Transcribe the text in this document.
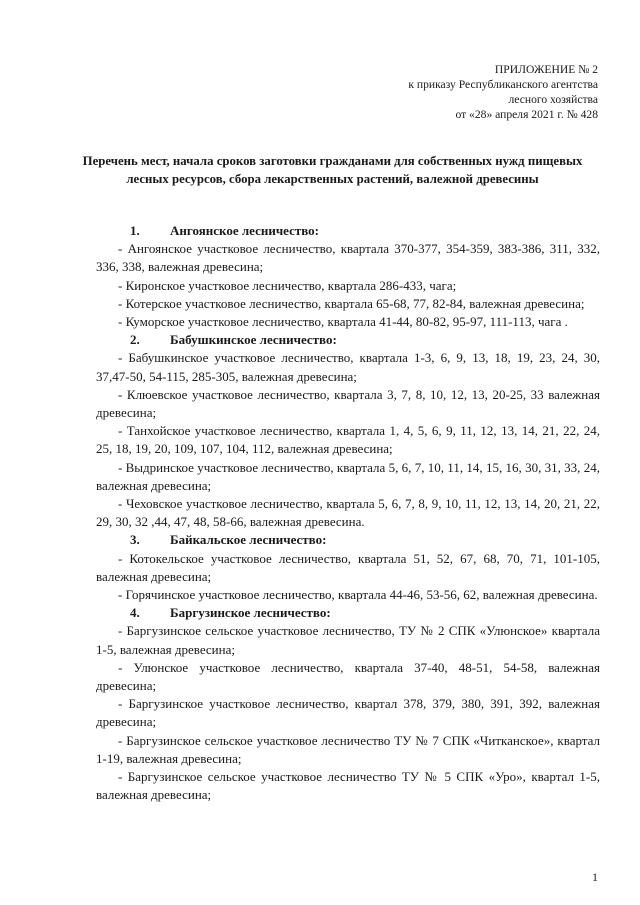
ПРИЛОЖЕНИЕ № 2
к приказу Республиканского агентства
лесного хозяйства
от «28» апреля 2021 г. № 428
Перечень мест, начала сроков заготовки гражданами для собственных нужд пищевых лесных ресурсов, сбора лекарственных растений, валежной древесины

1. Ангоянское лесничество:

- Ангоянское участковое лесничество, квартала 370-377, 354-359, 383-386, 311, 332, 336, 338, валежная древесина;

- Киронское участковое лесничество, квартала 286-433, чага;

- Котерское участковое лесничество, квартала 65-68, 77, 82-84, валежная древесина;

- Куморское участковое лесничество, квартала 41-44, 80-82, 95-97, 111-113, чага .

2. Бабушкинское лесничество:

- Бабушкинское участковое лесничество, квартала 1-3, 6, 9, 13, 18, 19, 23, 24, 30, 37,47-50, 54-115, 285-305, валежная древесина;

- Клюевское участковое лесничество, квартала 3, 7, 8, 10, 12, 13, 20-25, 33 валежная древесина;

- Танхойское участковое лесничество, квартала 1, 4, 5, 6, 9, 11, 12, 13, 14, 21, 22, 24, 25, 18, 19, 20, 109, 107, 104, 112, валежная древесина;

- Выдринское участковое лесничество, квартала 5, 6, 7, 10, 11, 14, 15, 16, 30, 31, 33, 24, валежная древесина;

- Чеховское участковое лесничество, квартала 5, 6, 7, 8, 9, 10, 11, 12, 13, 14, 20, 21, 22, 29, 30, 32 ,44, 47, 48, 58-66, валежная древесина.

3. Байкальское лесничество:

- Котокельское участковое лесничество, квартала 51, 52, 67, 68, 70, 71, 101-105, валежная древесина;

- Горячинское участковое лесничество, квартала 44-46, 53-56, 62, валежная древесина.

4. Баргузинское лесничество:

- Баргузинское сельское участковое лесничество, ТУ № 2 СПК «Улюнское» квартала 1-5, валежная древесина;

- Улюнское участковое лесничество, квартала 37-40, 48-51, 54-58, валежная древесина;

- Баргузинское участковое лесничество, квартал 378, 379, 380, 391, 392, валежная древесина;

- Баргузинское сельское участковое лесничество ТУ № 7 СПК «Читканское», квартал 1-19, валежная древесина;

- Баргузинское сельское участковое лесничество ТУ № 5 СПК «Уро», квартал 1-5, валежная древесина;

1
